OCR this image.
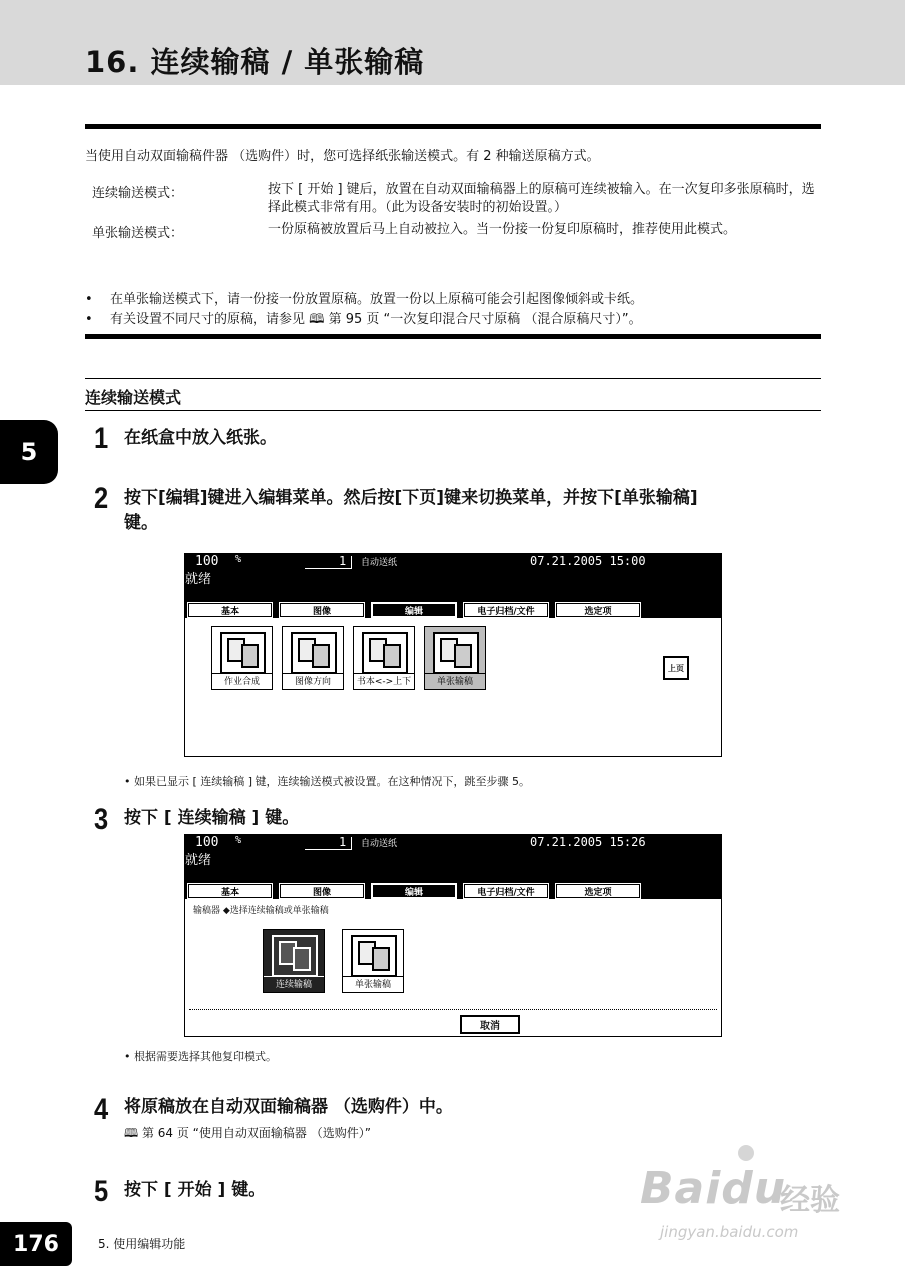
16. 连续输稿 / 单张输稿
当使用自动双面输稿件器 （选购件）时，您可选择纸张输送模式。有 2 种输送原稿方式。
连续输送模式：	按下 [ 开始 ] 键后，放置在自动双面输稿器上的原稿可连续被输入。在一次复印多张原稿时，选择此模式非常有用。（此为设备安装时的初始设置。）
单张输送模式：	一份原稿被放置后马上自动被拉入。当一份接一份复印原稿时，推荐使用此模式。
• 在单张输送模式下，请一份接一份放置原稿。放置一份以上原稿可能会引起图像倾斜或卡纸。
• 有关设置不同尺寸的原稿，请参见 🕮 第 95 页 “一次复印混合尺寸原稿 （混合原稿尺寸）”。
连续输送模式
5	1 在纸盒中放入纸张。
2 按下[编辑]键进入编辑菜单。然后按[下页]键来切换菜单，并按下[单张输稿]
键。
100 %	1 自动送纸	07.21.2005 15:00
就绪
基本	图像	编辑	电子归档/文件	选定项
作业合成	图像方向	书本<->上下	单张输稿
上页
• 如果已显示 [ 连续输稿 ] 键，连续输送模式被设置。在这种情况下，跳至步骤 5。
3 按下 [ 连续输稿 ] 键。
100 %	1 自动送纸	07.21.2005 15:26
就绪
基本	图像	编辑	电子归档/文件	选定项
输稿器 ◆选择连续输稿或单张输稿
连续输稿	单张输稿
取消
• 根据需要选择其他复印模式。
4 将原稿放在自动双面输稿器 （选购件）中。
🕮 第 64 页 “使用自动双面输稿器 （选购件）”
5 按下 [ 开始 ] 键。	Baidu
经验
jingyan.baidu.com
176	5. 使用编辑功能
